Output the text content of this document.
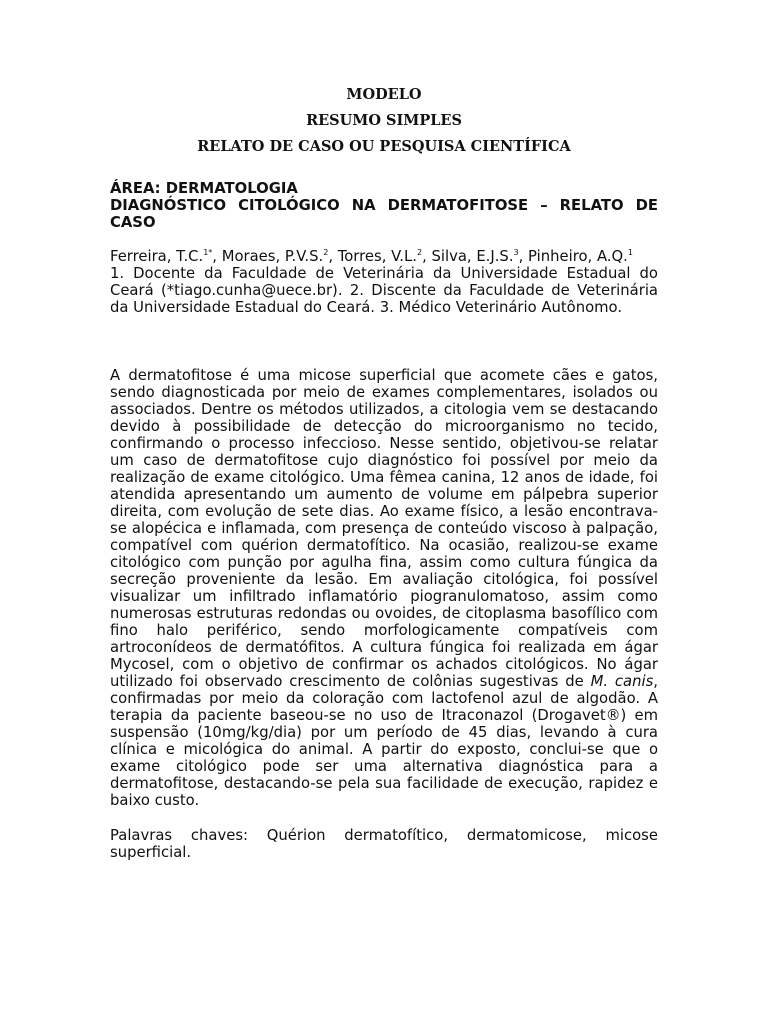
MODELO
RESUMO SIMPLES
RELATO DE CASO OU PESQUISA CIENTÍFICA
ÁREA: DERMATOLOGIA
DIAGNÓSTICO CITOLÓGICO NA DERMATOFITOSE – RELATO DE CASO
Ferreira, T.C.$^{1*}$, Moraes, P.V.S.$^2$, Torres, V.L.$^2$, Silva, E.J.S.$^3$, Pinheiro, A.Q.$^1$
1. Docente da Faculdade de Veterinária da Universidade Estadual do Ceará (*tiago.cunha@uece.br). 2. Discente da Faculdade de Veterinária da Universidade Estadual do Ceará. 3. Médico Veterinário Autônomo.
A dermatofitose é uma micose superficial que acomete cães e gatos, sendo diagnosticada por meio de exames complementares, isolados ou associados. Dentre os métodos utilizados, a citologia vem se destacando devido à possibilidade de detecção do microorganismo no tecido, confirmando o processo infeccioso. Nesse sentido, objetivou-se relatar um caso de dermatofitose cujo diagnóstico foi possível por meio da realização de exame citológico. Uma fêmea canina, 12 anos de idade, foi atendida apresentando um aumento de volume em pálpebra superior direita, com evolução de sete dias. Ao exame físico, a lesão encontrava-se alopécica e inflamada, com presença de conteúdo viscoso à palpação, compatível com quérion dermatofítico. Na ocasião, realizou-se exame citológico com punção por agulha fina, assim como cultura fúngica da secreção proveniente da lesão. Em avaliação citológica, foi possível visualizar um infiltrado inflamatório piogranulomatoso, assim como numerosas estruturas redondas ou ovoides, de citoplasma basofílico com fino halo periférico, sendo morfologicamente compatíveis com artroconídeos de dermatófitos. A cultura fúngica foi realizada em ágar Mycosel, com o objetivo de confirmar os achados citológicos. No ágar utilizado foi observado crescimento de colônias sugestivas de M. canis, confirmadas por meio da coloração com lactofenol azul de algodão. A terapia da paciente baseou-se no uso de Itraconazol (Drogavet®) em suspensão (10mg/kg/dia) por um período de 45 dias, levando à cura clínica e micológica do animal. A partir do exposto, conclui-se que o exame citológico pode ser uma alternativa diagnóstica para a dermatofitose, destacando-se pela sua facilidade de execução, rapidez e baixo custo.
Palavras chaves: Quérion dermatofítico, dermatomicose, micose superficial.
